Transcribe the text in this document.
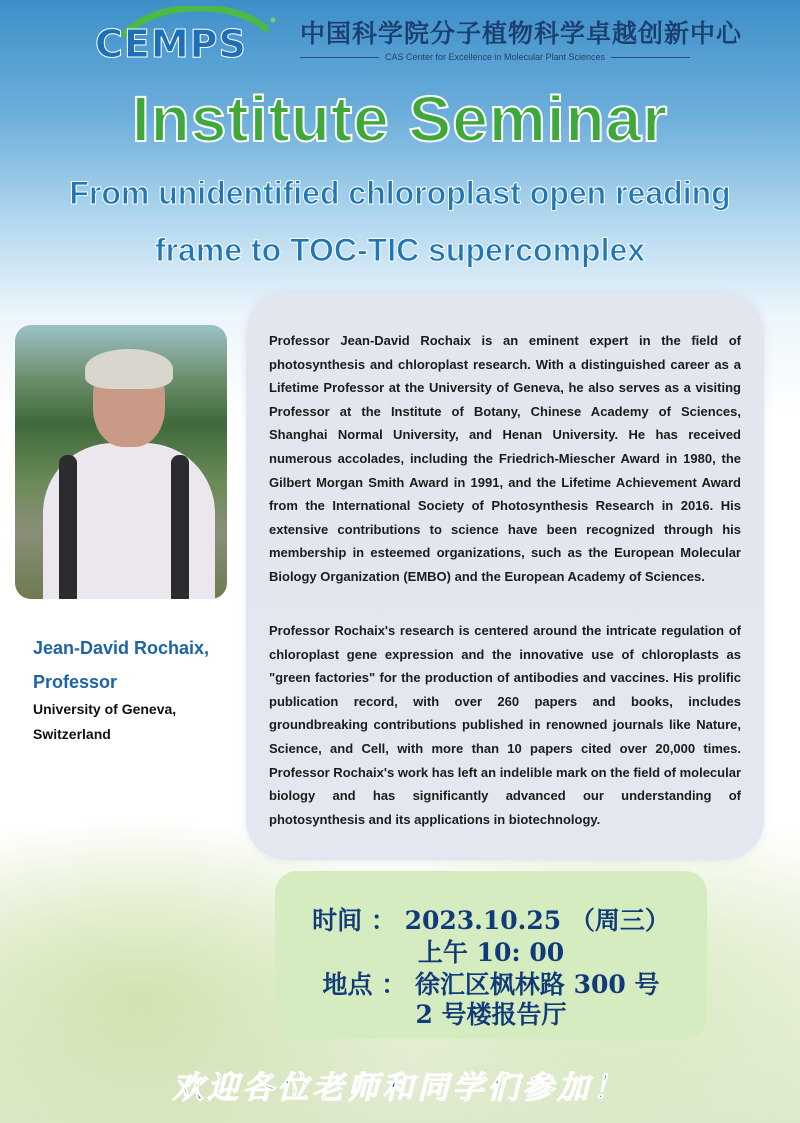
CEMPS 中国科学院分子植物科学卓越创新中心
CAS Center for Excellence in Molecular Plant Sciences
Institute Seminar
From unidentified chloroplast open reading
frame to TOC-TIC supercomplex
Jean-David Rochaix,
Professor
University of Geneva,
Switzerland

Professor Jean-David Rochaix is an eminent expert in the field of photosynthesis and chloroplast research. With a distinguished career as a Lifetime Professor at the University of Geneva, he also serves as a visiting Professor at the Institute of Botany, Chinese Academy of Sciences, Shanghai Normal University, and Henan University. He has received numerous accolades, including the Friedrich-Miescher Award in 1980, the Gilbert Morgan Smith Award in 1991, and the Lifetime Achievement Award from the International Society of Photosynthesis Research in 2016. His extensive contributions to science have been recognized through his membership in esteemed organizations, such as the European Molecular Biology Organization (EMBO) and the European Academy of Sciences.

Professor Rochaix's research is centered around the intricate regulation of chloroplast gene expression and the innovative use of chloroplasts as "green factories" for the production of antibodies and vaccines. His prolific publication record, with over 260 papers and books, includes groundbreaking contributions published in renowned journals like Nature, Science, and Cell, with more than 10 papers cited over 20,000 times. Professor Rochaix's work has left an indelible mark on the field of molecular biology and has significantly advanced our understanding of photosynthesis and its applications in biotechnology.

时间 ： 2023.10.25 （周三）
上午 10: 00
地点 ： 徐汇区枫林路 300 号
2 号楼报告厅
欢迎各位老师和同学们参加！
